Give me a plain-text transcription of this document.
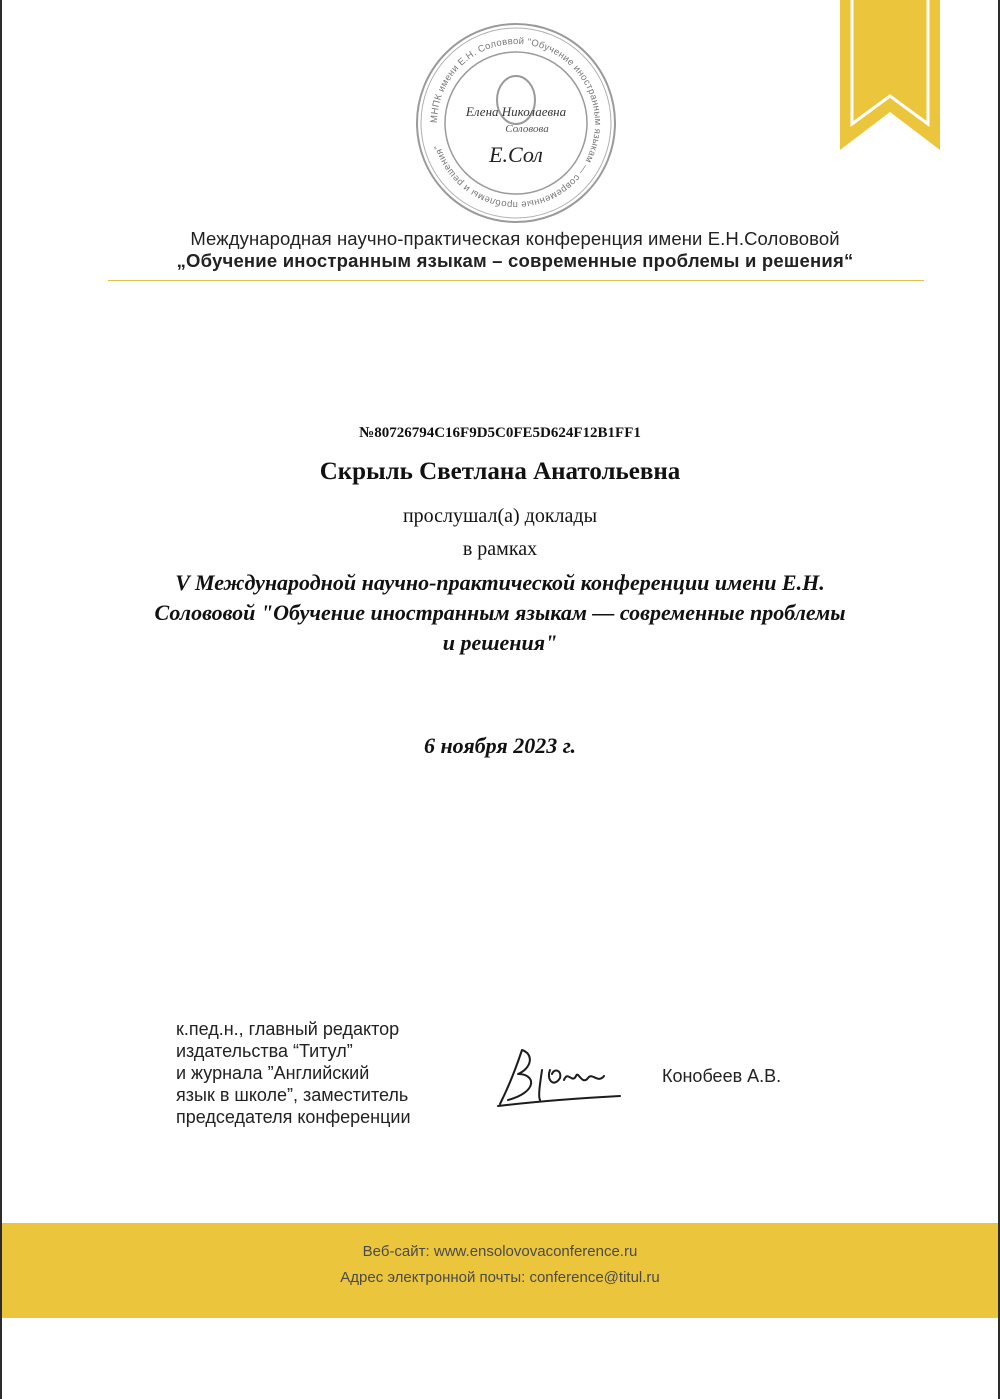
МНПК имени Е.Н. Соловвой "Обучение иностранным языкам — современные проблемы и решения"
Елена Николаевна
Соловова
Е.Сол
Международная научно-практическая конференция имени Е.Н.Солововой
„Обучение иностранным языкам – современные проблемы и решения“
№80726794C16F9D5C0FE5D624F12B1FF1
Скрыль Светлана Анатольевна
прослушал(а) доклады
в рамках
V Международной научно-практической конференции имени Е.Н. Солововой "Обучение иностранным языкам — современные проблемы и решения"
6 ноября 2023 г.
к.пед.н., главный редактор
издательства “Титул”
и журнала ”Английский
язык в школе”, заместитель
председателя конференции
Конобеев А.В.
Веб-сайт: www.ensolovovaconference.ru
Адрес электронной почты: conference@titul.ru
